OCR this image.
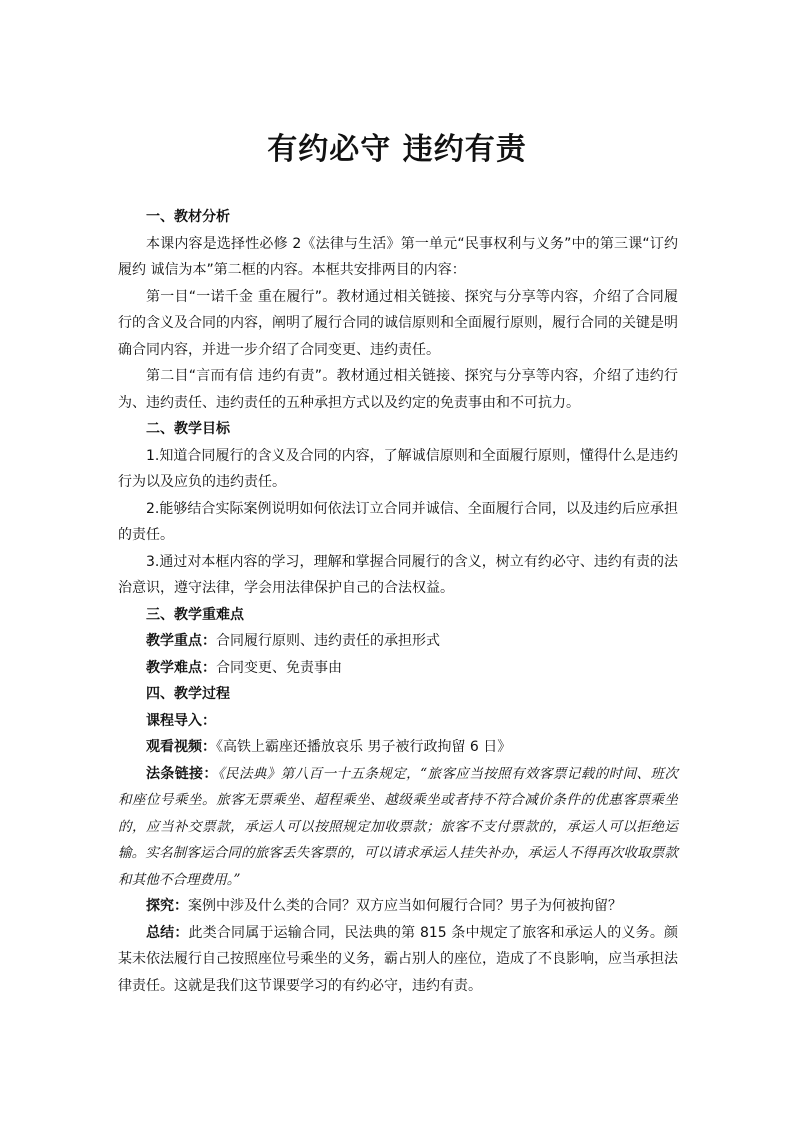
有约必守 违约有责

一、教材分析

本课内容是选择性必修 2《法律与生活》第一单元“民事权利与义务”中的第三课“订约履约 诚信为本”第二框的内容。本框共安排两目的内容：

第一目“一诺千金 重在履行”。教材通过相关链接、探究与分享等内容，介绍了合同履行的含义及合同的内容，阐明了履行合同的诚信原则和全面履行原则，履行合同的关键是明确合同内容，并进一步介绍了合同变更、违约责任。

第二目“言而有信 违约有责”。教材通过相关链接、探究与分享等内容，介绍了违约行为、违约责任、违约责任的五种承担方式以及约定的免责事由和不可抗力。

二、教学目标

1.知道合同履行的含义及合同的内容，了解诚信原则和全面履行原则，懂得什么是违约行为以及应负的违约责任。

2.能够结合实际案例说明如何依法订立合同并诚信、全面履行合同，以及违约后应承担的责任。

3.通过对本框内容的学习，理解和掌握合同履行的含义，树立有约必守、违约有责的法治意识，遵守法律，学会用法律保护自己的合法权益。

三、教学重难点

教学重点：合同履行原则、违约责任的承担形式

教学难点：合同变更、免责事由

四、教学过程

课程导入：

观看视频：《高铁上霸座还播放哀乐 男子被行政拘留 6 日》

法条链接：《民法典》第八百一十五条规定，“旅客应当按照有效客票记载的时间、班次和座位号乘坐。旅客无票乘坐、超程乘坐、越级乘坐或者持不符合减价条件的优惠客票乘坐的，应当补交票款，承运人可以按照规定加收票款；旅客不支付票款的，承运人可以拒绝运输。实名制客运合同的旅客丢失客票的，可以请求承运人挂失补办，承运人不得再次收取票款和其他不合理费用。”

探究：案例中涉及什么类的合同？双方应当如何履行合同？男子为何被拘留？

总结：此类合同属于运输合同，民法典的第 815 条中规定了旅客和承运人的义务。颜某未依法履行自己按照座位号乘坐的义务，霸占别人的座位，造成了不良影响，应当承担法律责任。这就是我们这节课要学习的有约必守，违约有责。
